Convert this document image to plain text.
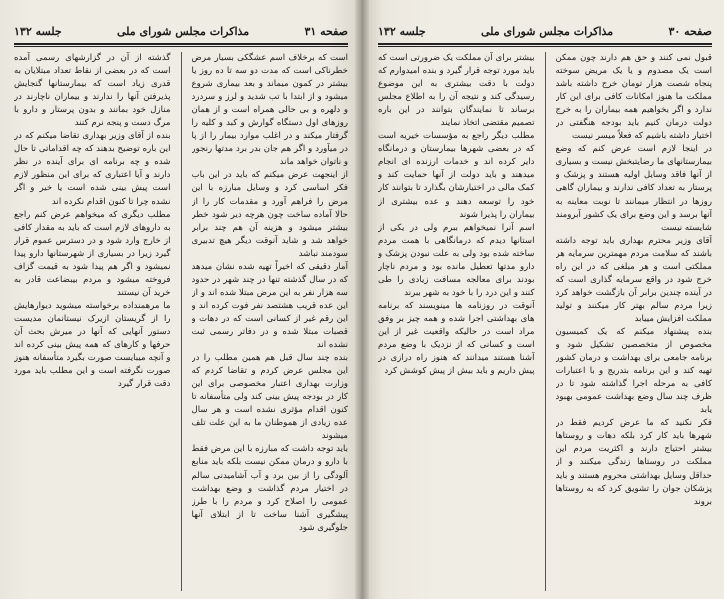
صفحه ۳۱
مذاکرات مجلس شورای ملی
جلسه ۱۳۲

است که برخلاف اسم عشگکی بسیار مرض خطرناکی است که مدت دو سه تا ده روز یا بیشتر در کمون میماند و بعد بیماری شروع میشود و از ابتدا با تب شدید و لرز و سردرد و دلهره و بی حالی همراه است و از همان روزهای اول دستگاه گوارش و کبد و کلیه را گرفتار میکند و در اغلب موارد بیمار را از پا در میآورد و اگر هم جان بدر برد مدتها رنجور و ناتوان خواهد ماند

از اینجهت عرض میکنم که باید در این باب فکر اساسی کرد و وسایل مبارزه با این مرض را فراهم آورد و مقدمات کار را از حالا آماده ساخت چون هرچه دیر شود خطر بیشتر میشود و هزینه آن هم چند برابر خواهد شد و شاید آنوقت دیگر هیچ تدبیری سودمند نباشد

آمار دقیقی که اخیراً تهیه شده نشان میدهد که در سال گذشته تنها در چند شهر در حدود سه هزار نفر به این مرض مبتلا شده اند و از این عده قریب هشتصد نفر فوت کرده اند و این رقم غیر از کسانی است که در دهات و قصبات مبتلا شده و در دفاتر رسمی ثبت نشده اند

بنده چند سال قبل هم همین مطلب را در این مجلس عرض کردم و تقاضا کردم که وزارت بهداری اعتبار مخصوصی برای این کار در بودجه پیش بینی کند ولی متأسفانه تا کنون اقدام مؤثری نشده است و هر سال عده زیادی از هموطنان ما به این علت تلف میشوند

باید توجه داشت که مبارزه با این مرض فقط با دارو و درمان ممکن نیست بلکه باید منابع آلودگی را از بین برد و آب آشامیدنی سالم در اختیار مردم گذاشت و وضع بهداشت عمومی را اصلاح کرد و مردم را با طرز پیشگیری آشنا ساخت تا از ابتلای آنها جلوگیری شود

گذشته از آن در گزارشهای رسمی آمده است که در بعضی از نقاط تعداد مبتلایان به قدری زیاد است که بیمارستانها گنجایش پذیرفتن آنها را ندارند و بیماران ناچارند در منازل خود بمانند و بدون پرستار و دارو با مرگ دست و پنجه نرم کنند

بنده از آقای وزیر بهداری تقاضا میکنم که در این باره توضیح بدهند که چه اقداماتی تا حال شده و چه برنامه ای برای آینده در نظر دارند و آیا اعتباری که برای این منظور لازم است پیش بینی شده است یا خیر و اگر نشده چرا تا کنون اقدام نکرده اند

مطلب دیگری که میخواهم عرض کنم راجع به داروهای لازم است که باید به مقدار کافی از خارج وارد شود و در دسترس عموم قرار گیرد زیرا در بسیاری از شهرستانها دارو پیدا نمیشود و اگر هم پیدا شود به قیمت گزاف فروخته میشود و مردم بیبضاعت قادر به خرید آن نیستند

ما مرهمنداده برخواسته میشوید دیوارهایش را از گریستان ازیرک نیستانمان مدیست دستور آنهایی که آنها در میرش بحث آن حرفها و کارهای که همه پیش بینی کرده اند و آنچه میبایست صورت بگیرد متأسفانه هنوز صورت نگرفته است و این مطلب باید مورد دقت قرار گیرد

صفحه ۳۰
مذاکرات مجلس شورای ملی
جلسه ۱۳۲

قبول نمی کنند و حق هم دارند چون ممکن است یک مصدوم و یا یک مریض سوخته پنجاه شصت هزار تومان خرج داشته باشد مملکت ما هنوز امکانات کافی برای این کار ندارد و اگر بخواهیم همه بیماران را به خرج دولت درمان کنیم باید بودجه هنگفتی در اختیار داشته باشیم که فعلاً میسر نیست

در اینجا لازم است عرض کنم که وضع بیمارستانهای ما رضایتبخش نیست و بسیاری از آنها فاقد وسایل اولیه هستند و پزشک و پرستار به تعداد کافی ندارند و بیماران گاهی روزها در انتظار میمانند تا نوبت معاینه به آنها برسد و این وضع برای یک کشور آبرومند شایسته نیست

آقای وزیر محترم بهداری باید توجه داشته باشند که سلامت مردم مهمترین سرمایه هر مملکتی است و هر مبلغی که در این راه خرج شود در واقع سرمایه گذاری است که در آینده چندین برابر آن بازگشت خواهد کرد زیرا مردم سالم بهتر کار میکنند و تولید مملکت افزایش مییابد

بنده پیشنهاد میکنم که یک کمیسیون مخصوص از متخصصین تشکیل شود و برنامه جامعی برای بهداشت و درمان کشور تهیه کند و این برنامه بتدریج و با اعتبارات کافی به مرحله اجرا گذاشته شود تا در ظرف چند سال وضع بهداشت عمومی بهبود یابد

فکر نکنید که ما عرض کردیم فقط در شهرها باید کار کرد بلکه دهات و روستاها بیشتر احتیاج دارند و اکثریت مردم این مملکت در روستاها زندگی میکنند و از حداقل وسایل بهداشتی محروم هستند و باید پزشکان جوان را تشویق کرد که به روستاها بروند

بیشتر برای آن مملکت یک ضرورتی است که باید مورد توجه قرار گیرد و بنده امیدوارم که دولت با دقت بیشتری به این موضوع رسیدگی کند و نتیجه آن را به اطلاع مجلس برساند تا نمایندگان بتوانند در این باره تصمیم مقتضی اتخاذ نمایند

مطلب دیگر راجع به مؤسسات خیریه است که در بعضی شهرها بیمارستان و درمانگاه دایر کرده اند و خدمات ارزنده ای انجام میدهند و باید دولت از آنها حمایت کند و کمک مالی در اختیارشان بگذارد تا بتوانند کار خود را توسعه دهند و عده بیشتری از بیماران را پذیرا شوند

اسم آنرا نمیخواهم ببرم ولی در یکی از استانها دیدم که درمانگاهی با همت مردم ساخته شده بود ولی به علت نبودن پزشک و دارو مدتها تعطیل مانده بود و مردم ناچار بودند برای معالجه مسافت زیادی را طی کنند و این درد را با خود به شهر ببرند

آنوقت در روزنامه ها مینویسند که برنامه های بهداشتی اجرا شده و همه چیز بر وفق مراد است در حالیکه واقعیت غیر از این است و کسانی که از نزدیک با وضع مردم آشنا هستند میدانند که هنوز راه درازی در پیش داریم و باید بیش از پیش کوشش کرد
